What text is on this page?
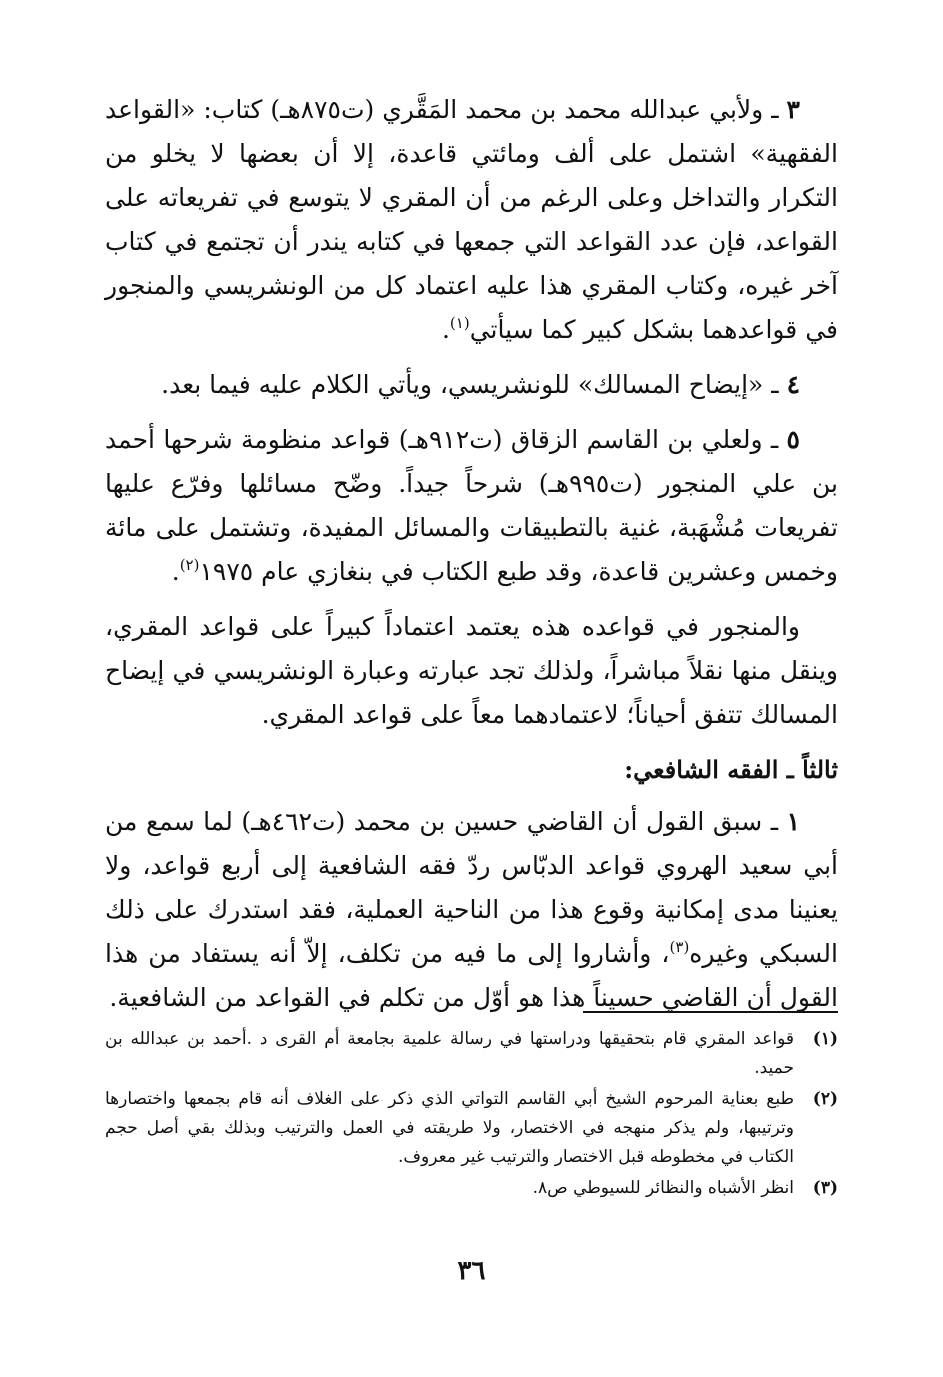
٣ ـ ولأبي عبدالله محمد بن محمد المَقَّري (ت٨٧٥هـ) كتاب: «القواعد الفقهية» اشتمل على ألف ومائتي قاعدة، إلا أن بعضها لا يخلو من التكرار والتداخل وعلى الرغم من أن المقري لا يتوسع في تفريعاته على القواعد، فإن عدد القواعد التي جمعها في كتابه يندر أن تجتمع في كتاب آخر غيره، وكتاب المقري هذا عليه اعتماد كل من الونشريسي والمنجور في قواعدهما بشكل كبير كما سيأتي$^{(١)}$.

٤ ـ «إيضاح المسالك» للونشريسي، ويأتي الكلام عليه فيما بعد.

٥ ـ ولعلي بن القاسم الزقاق (ت٩١٢هـ) قواعد منظومة شرحها أحمد بن علي المنجور (ت٩٩٥هـ) شرحاً جيداً. وضّح مسائلها وفرّع عليها تفريعات مُشْهَبة، غنية بالتطبيقات والمسائل المفيدة، وتشتمل على مائة وخمس وعشرين قاعدة، وقد طبع الكتاب في بنغازي عام ١٩٧٥$^{(٢)}$.

والمنجور في قواعده هذه يعتمد اعتماداً كبيراً على قواعد المقري، وينقل منها نقلاً مباشراً، ولذلك تجد عبارته وعبارة الونشريسي في إيضاح المسالك تتفق أحياناً؛ لاعتمادهما معاً على قواعد المقري.

ثالثاً ـ الفقه الشافعي:

١ ـ سبق القول أن القاضي حسين بن محمد (ت٤٦٢هـ) لما سمع من أبي سعيد الهروي قواعد الدبّاس ردّ فقه الشافعية إلى أربع قواعد، ولا يعنينا مدى إمكانية وقوع هذا من الناحية العملية، فقد استدرك على ذلك السبكي وغيره$^{(٣)}$، وأشاروا إلى ما فيه من تكلف، إلاّ أنه يستفاد من هذا القول أن القاضي حسيناً هذا هو أوّل من تكلم في القواعد من الشافعية.

(١)
قواعد المقري قام بتحقيقها ودراستها في رسالة علمية بجامعة أم القرى د .أحمد بن عبدالله بن حميد.
(٢)
طبع بعناية المرحوم الشيخ أبي القاسم التواتي الذي ذكر على الغلاف أنه قام بجمعها واختصارها وترتيبها، ولم يذكر منهجه في الاختصار، ولا طريقته في العمل والترتيب وبذلك بقي أصل حجم الكتاب في مخطوطه قبل الاختصار والترتيب غير معروف.
(٣)
انظر الأشباه والنظائر للسيوطي ص٨.
٣٦
